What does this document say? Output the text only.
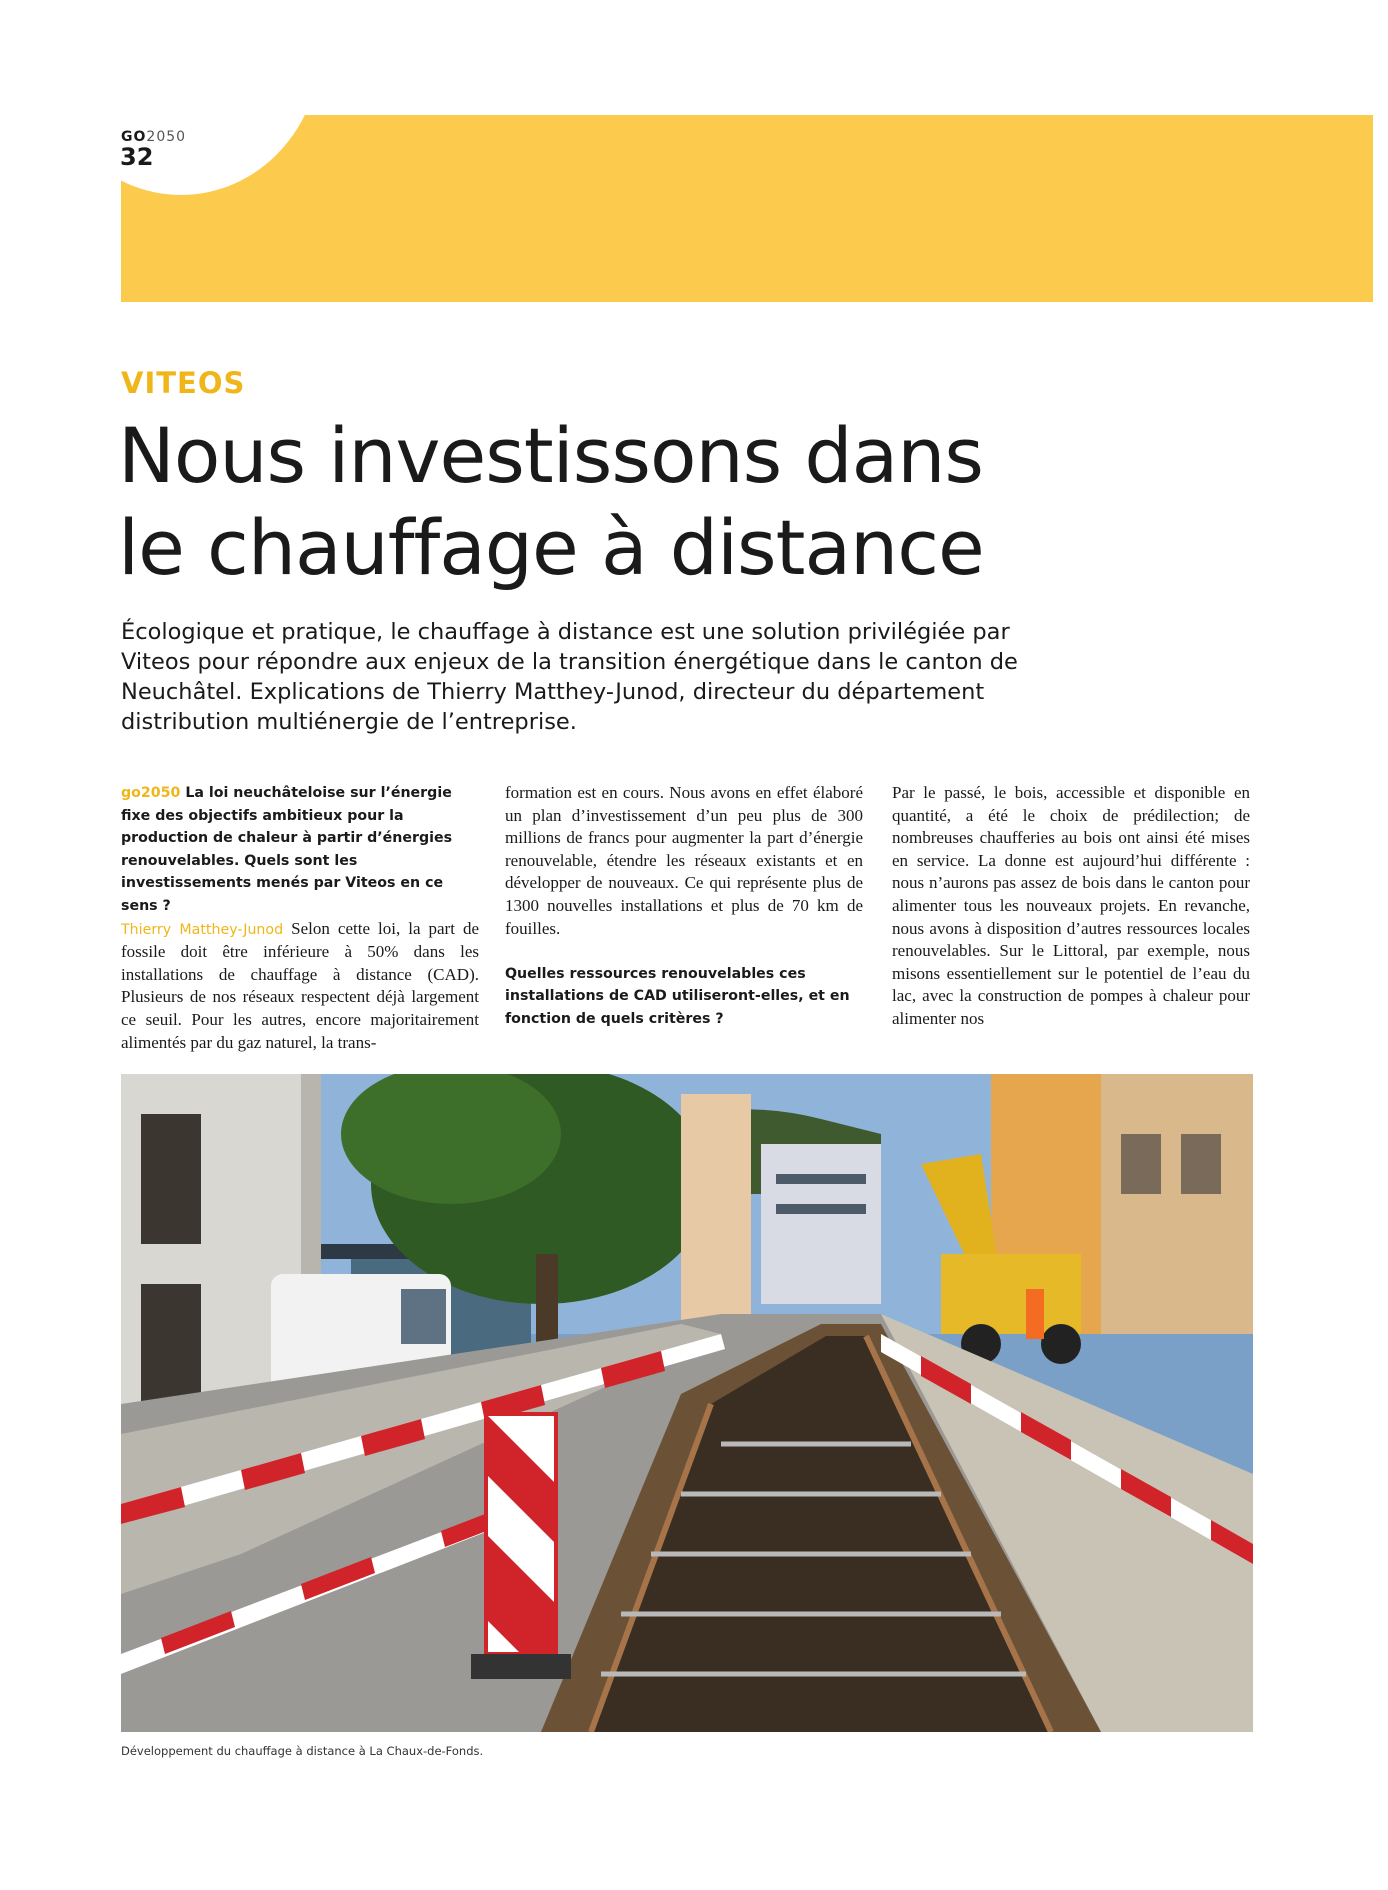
GO2050
32
VITEOS
Nous investissons dans
le chauffage à distance

Écologique et pratique, le chauffage à distance est une solution privilégiée par Viteos pour répondre aux enjeux de la transition énergétique dans le canton de Neuchâtel. Explications de Thierry Matthey-Junod, directeur du département distribution multiénergie de l’entreprise.

go2050 La loi neuchâteloise sur l’énergie fixe des objectifs ambitieux pour la production de chaleur à partir d’énergies renouvelables. Quels sont les investissements menés par Viteos en ce sens ?

Thierry Matthey-Junod Selon cette loi, la part de fossile doit être inférieure à 50% dans les installations de chauffage à distance (CAD). Plusieurs de nos réseaux respectent déjà largement ce seuil. Pour les autres, encore majoritairement alimentés par du gaz naturel, la trans-

formation est en cours. Nous avons en effet élaboré un plan d’investissement d’un peu plus de 300 millions de francs pour augmenter la part d’énergie renouvelable, étendre les réseaux existants et en développer de nouveaux. Ce qui représente plus de 1300 nouvelles installations et plus de 70 km de fouilles.

Quelles ressources renouvelables ces installations de CAD utiliseront-elles, et en fonction de quels critères ?

Par le passé, le bois, accessible et disponible en quantité, a été le choix de prédilection; de nombreuses chaufferies au bois ont ainsi été mises en service. La donne est aujourd’hui différente : nous n’aurons pas assez de bois dans le canton pour alimenter tous les nouveaux projets. En revanche, nous avons à disposition d’autres ressources locales renouvelables. Sur le Littoral, par exemple, nous misons essentiellement sur le potentiel de l’eau du lac, avec la construction de pompes à chaleur pour alimenter nos

Développement du chauffage à distance à La Chaux-de-Fonds.
